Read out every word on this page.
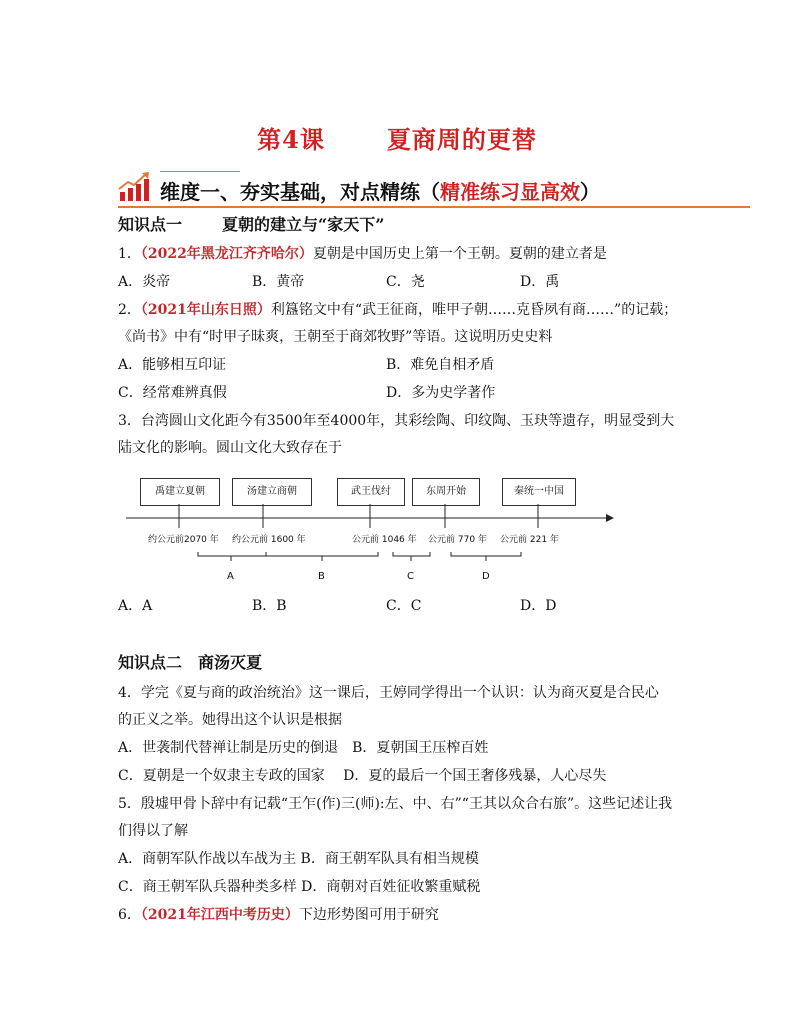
第4课	夏商周的更替
维度一、夯实基础，对点精练（精准练习显高效）
知识点一	夏朝的建立与“家天下”
1．（2022年黑龙江齐齐哈尔）夏朝是中国历史上第一个王朝。夏朝的建立者是
A．炎帝	B．黄帝	C．尧	D．禹
2．（2021年山东日照）利簋铭文中有“武王征商，唯甲子朝……克昏夙有商……”的记载；
《尚书》中有“时甲子昧爽，王朝至于商郊牧野”等语。这说明历史史料
A．能够相互印证	B．难免自相矛盾
C．经常难辨真假	D．多为史学著作
3．台湾圆山文化距今有3500年至4000年，其彩绘陶、印纹陶、玉玦等遗存，明显受到大
陆文化的影响。圆山文化大致存在于
禹建立夏朝	汤建立商朝	武王伐纣	东周开始	秦统一中国
约公元前2070 年 约公元前 1600 年	公元前 1046 年 公元前 770 年 公元前 221 年
A	B	C	D
A．A	B．B	C．C	D．D
知识点二 商汤灭夏
4．学完《夏与商的政治统治》这一课后，王婷同学得出一个认识：认为商灭夏是合民心
的正义之举。她得出这个认识是根据
A．世袭制代替禅让制是历史的倒退　B．夏朝国王压榨百姓
C．夏朝是一个奴隶主专政的国家　 D．夏的最后一个国王奢侈残暴，人心尽失
5．殷墟甲骨卜辞中有记载“王乍(作)三(师):左、中、右”“王其以众合右旅”。这些记述让我
们得以了解
A．商朝军队作战以车战为主 B．商王朝军队具有相当规模
C．商王朝军队兵器种类多样 D．商朝对百姓征收繁重赋税
6．（2021年江西中考历史）下边形势图可用于研究
